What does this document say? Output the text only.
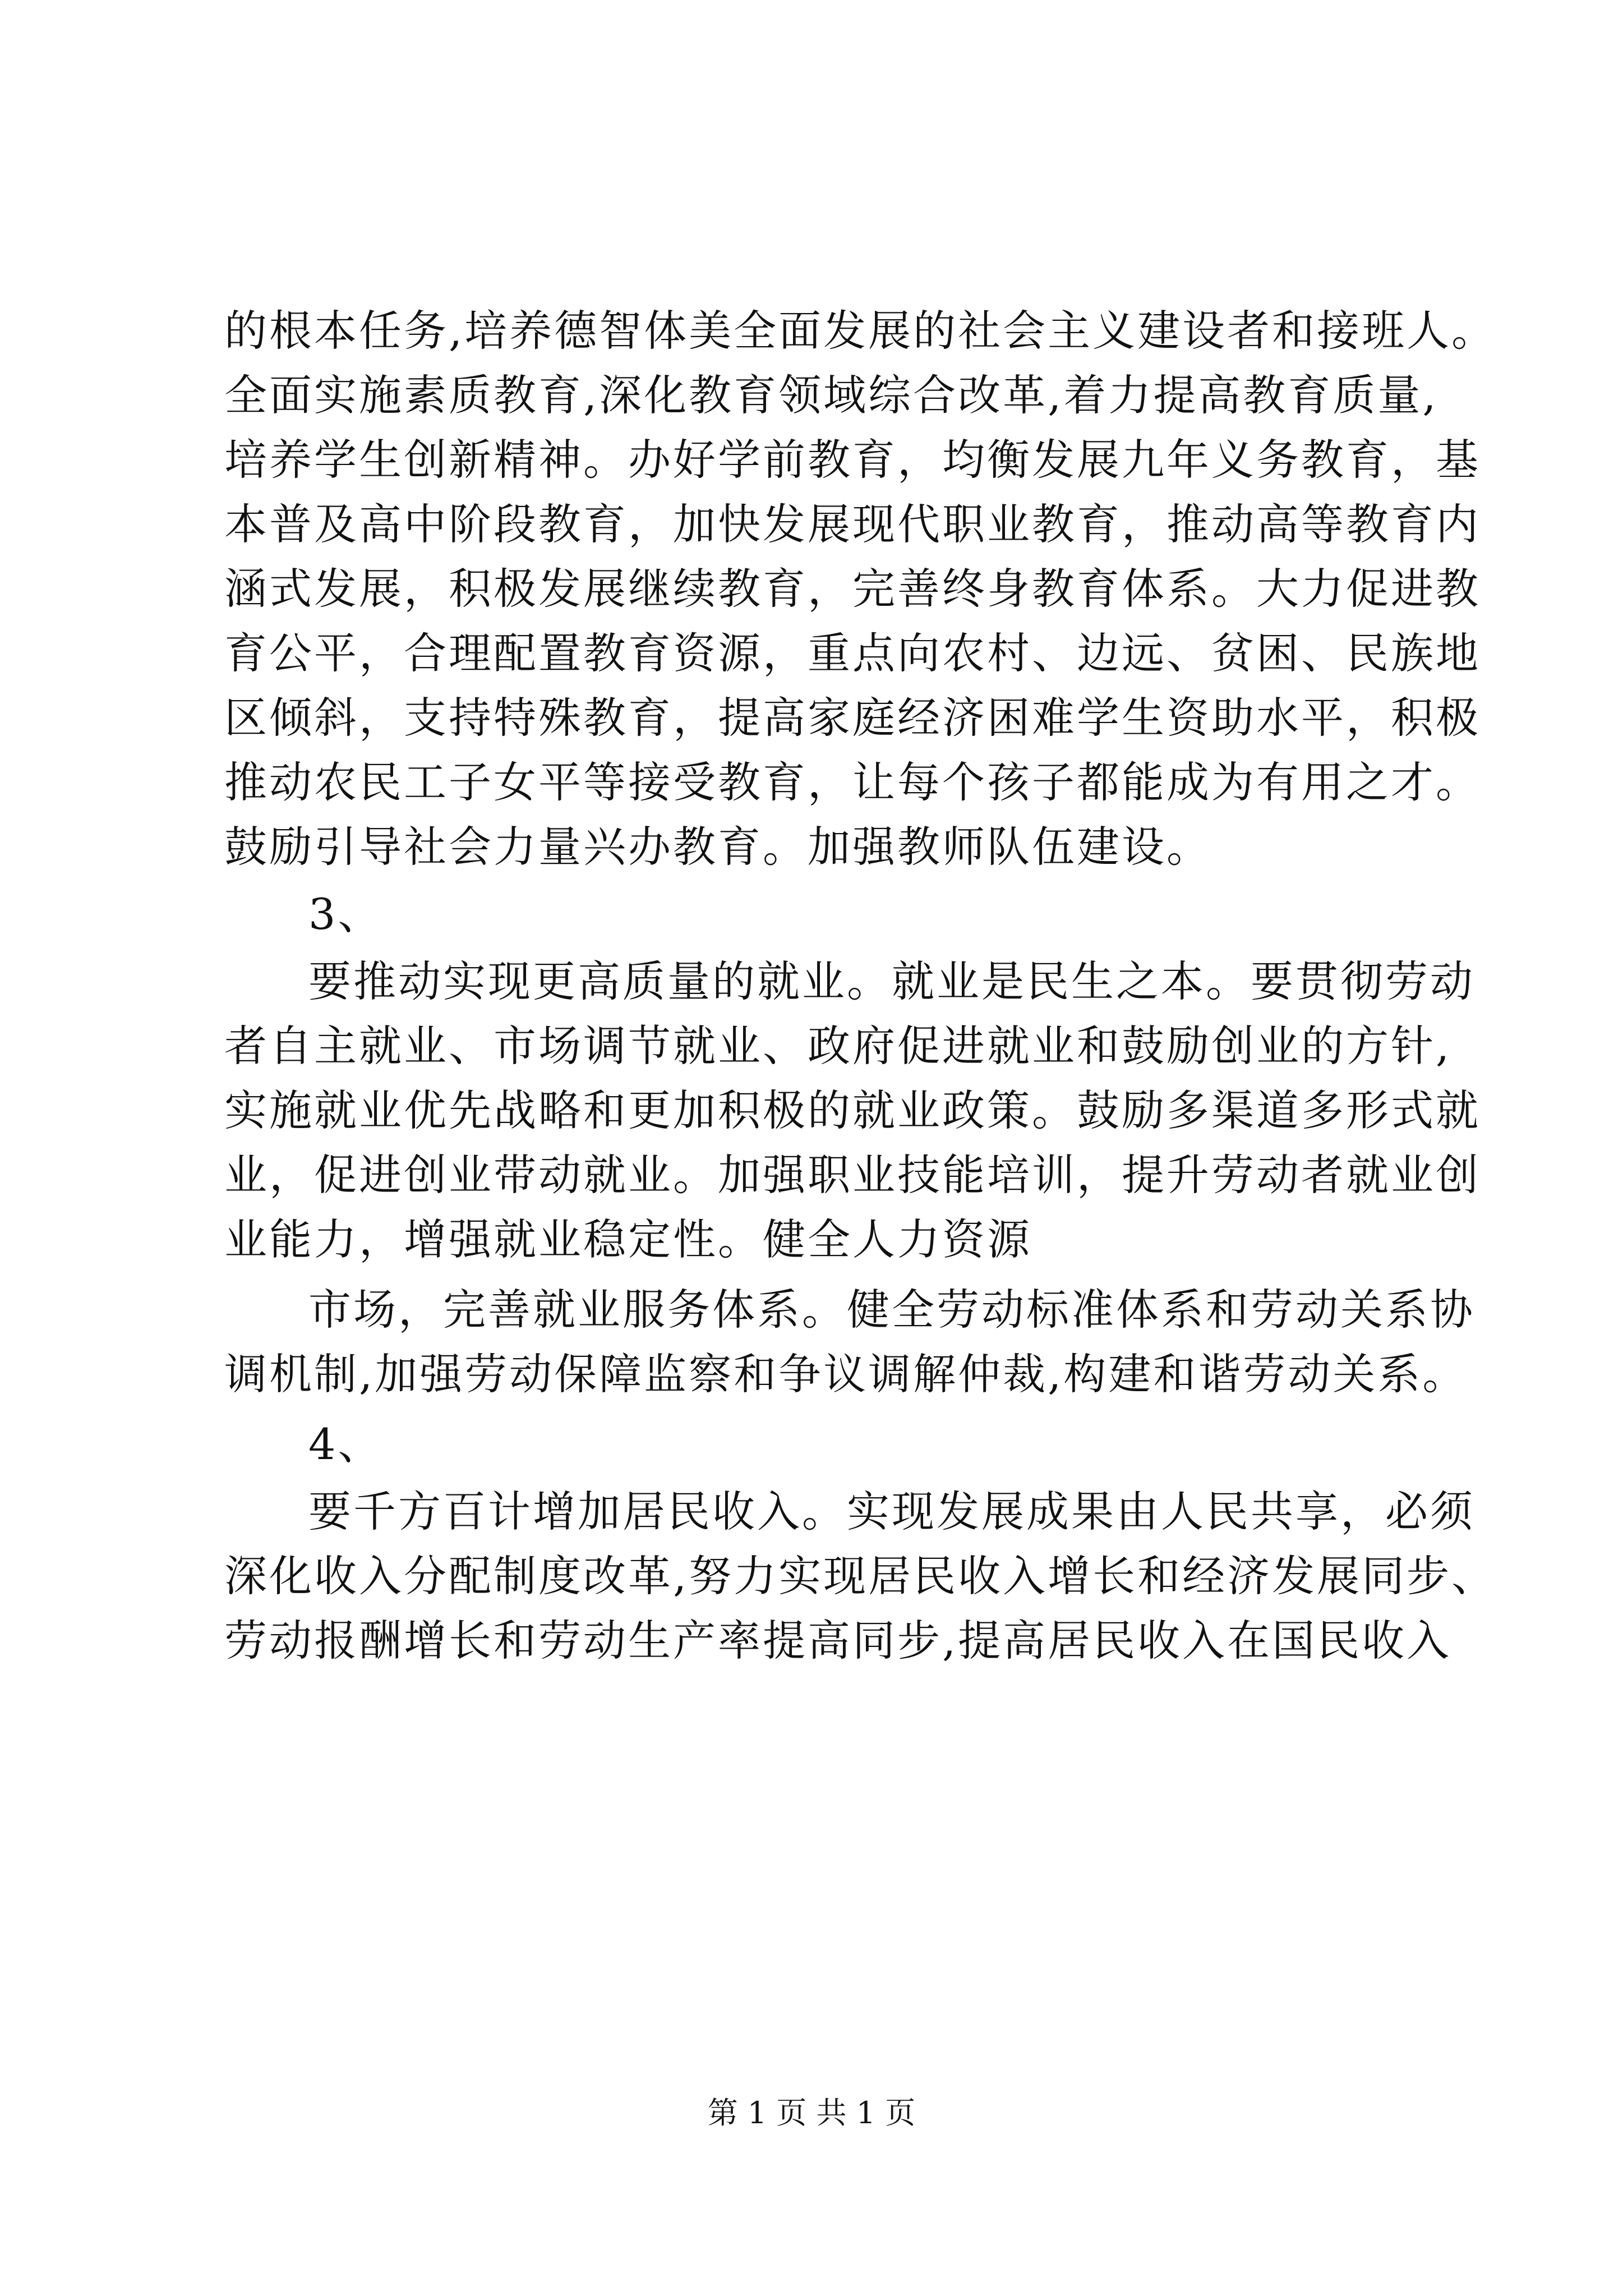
的根本任务,培养德智体美全面发展的社会主义建设者和接班人。
全面实施素质教育,深化教育领域综合改革,着力提高教育质量,
培养学生创新精神。办好学前教育，均衡发展九年义务教育，基
本普及高中阶段教育，加快发展现代职业教育，推动高等教育内
涵式发展，积极发展继续教育，完善终身教育体系。大力促进教
育公平，合理配置教育资源，重点向农村、边远、贫困、民族地
区倾斜，支持特殊教育，提高家庭经济困难学生资助水平，积极
推动农民工子女平等接受教育，让每个孩子都能成为有用之才。
鼓励引导社会力量兴办教育。加强教师队伍建设。
3、
要推动实现更高质量的就业。就业是民生之本。要贯彻劳动
者自主就业、市场调节就业、政府促进就业和鼓励创业的方针,
实施就业优先战略和更加积极的就业政策。鼓励多渠道多形式就
业，促进创业带动就业。加强职业技能培训，提升劳动者就业创
业能力，增强就业稳定性。健全人力资源
市场，完善就业服务体系。健全劳动标准体系和劳动关系协
调机制,加强劳动保障监察和争议调解仲裁,构建和谐劳动关系。
4、
要千方百计增加居民收入。实现发展成果由人民共享，必须
深化收入分配制度改革,努力实现居民收入增长和经济发展同步、
劳动报酬增长和劳动生产率提高同步,提高居民收入在国民收入
第 1 页 共 1 页
